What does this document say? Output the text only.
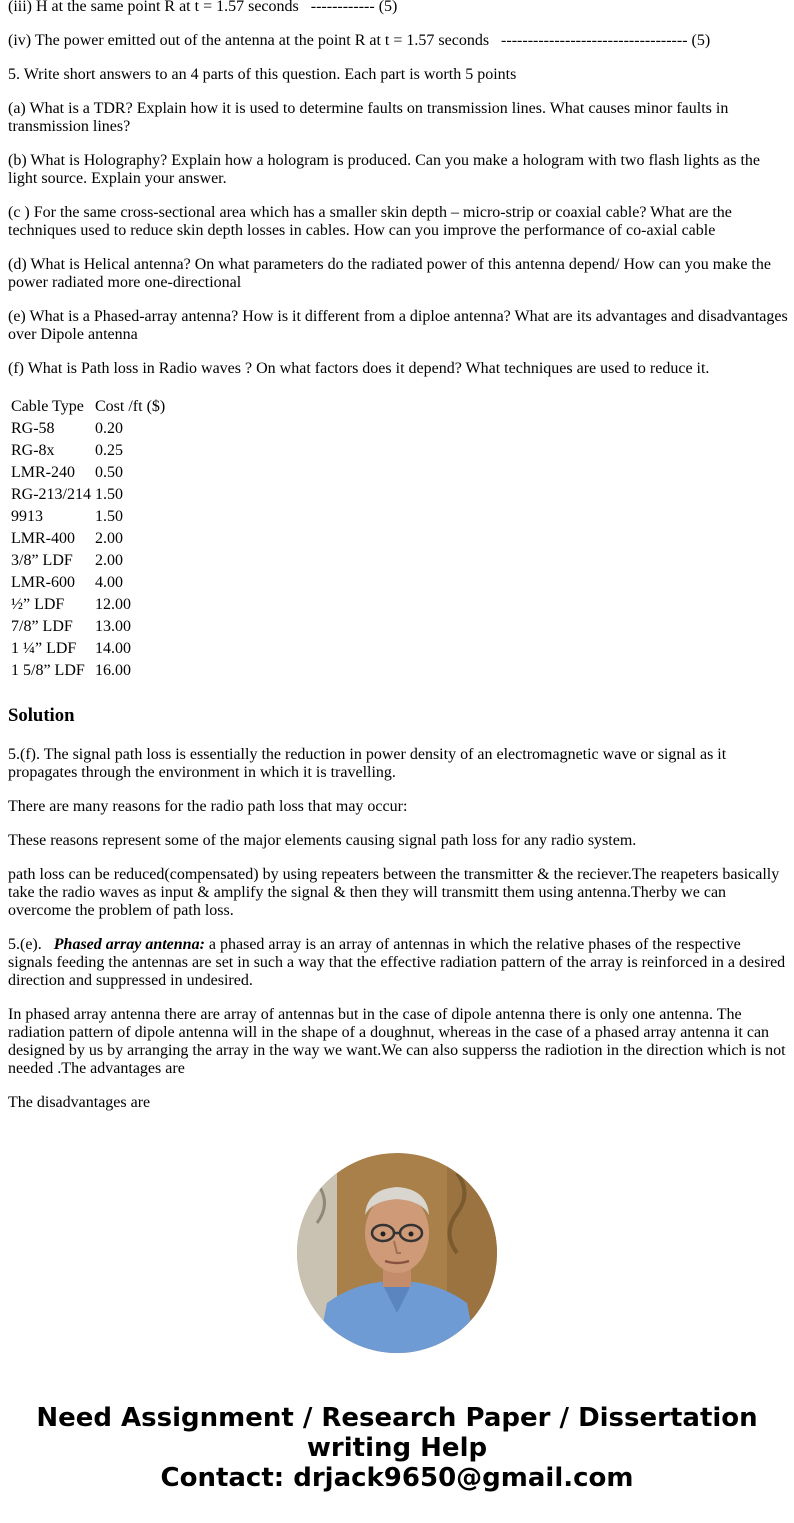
(iii) H at the same point R at t = 1.57 seconds   ------------ (5)

(iv) The power emitted out of the antenna at the point R at t = 1.57 seconds   ----------------------------------- (5)

5. Write short answers to an 4 parts of this question. Each part is worth 5 points

(a) What is a TDR? Explain how it is used to determine faults on transmission lines. What causes minor faults in transmission lines?

(b) What is Holography? Explain how a hologram is produced. Can you make a hologram with two flash lights as the light source. Explain your answer.

(c ) For the same cross-sectional area which has a smaller skin depth – micro-strip or coaxial cable? What are the techniques used to reduce skin depth losses in cables. How can you improve the performance of co-axial cable

(d) What is Helical antenna? On what parameters do the radiated power of this antenna depend/ How can you make the power radiated more one-directional

(e) What is a Phased-array antenna? How is it different from a diploe antenna? What are its advantages and disadvantages over Dipole antenna

(f) What is Path loss in Radio waves ? On what factors does it depend? What techniques are used to reduce it.

Cable Type	Cost /ft ($)
RG-58	0.20
RG-8x	0.25
LMR-240	0.50
RG-213/214	1.50
9913	1.50
LMR-400	2.00
3/8” LDF	2.00
LMR-600	4.00
½” LDF	12.00
7/8” LDF	13.00
1 ¼” LDF	14.00
1 5/8” LDF	16.00
Solution

5.(f). The signal path loss is essentially the reduction in power density of an electromagnetic wave or signal as it propagates through the environment in which it is travelling.

There are many reasons for the radio path loss that may occur:

These reasons represent some of the major elements causing signal path loss for any radio system.

path loss can be reduced(compensated) by using repeaters between the transmitter & the reciever.The reapeters basically take the radio waves as input & amplify the signal & then they will transmitt them using antenna.Therby we can overcome the problem of path loss.

5.(e).   Phased array antenna: a phased array is an array of antennas in which the relative phases of the respective signals feeding the antennas are set in such a way that the effective radiation pattern of the array is reinforced in a desired direction and suppressed in undesired.

In phased array antenna there are array of antennas but in the case of dipole antenna there is only one antenna. The radiation pattern of dipole antenna will in the shape of a doughnut, whereas in the case of a phased array antenna it can designed by us by arranging the array in the way we want.We can also supperss the radiotion in the direction which is not needed .The advantages are

The disadvantages are

Need Assignment / Research Paper / Dissertation
writing Help
Contact: drjack9650@gmail.com
